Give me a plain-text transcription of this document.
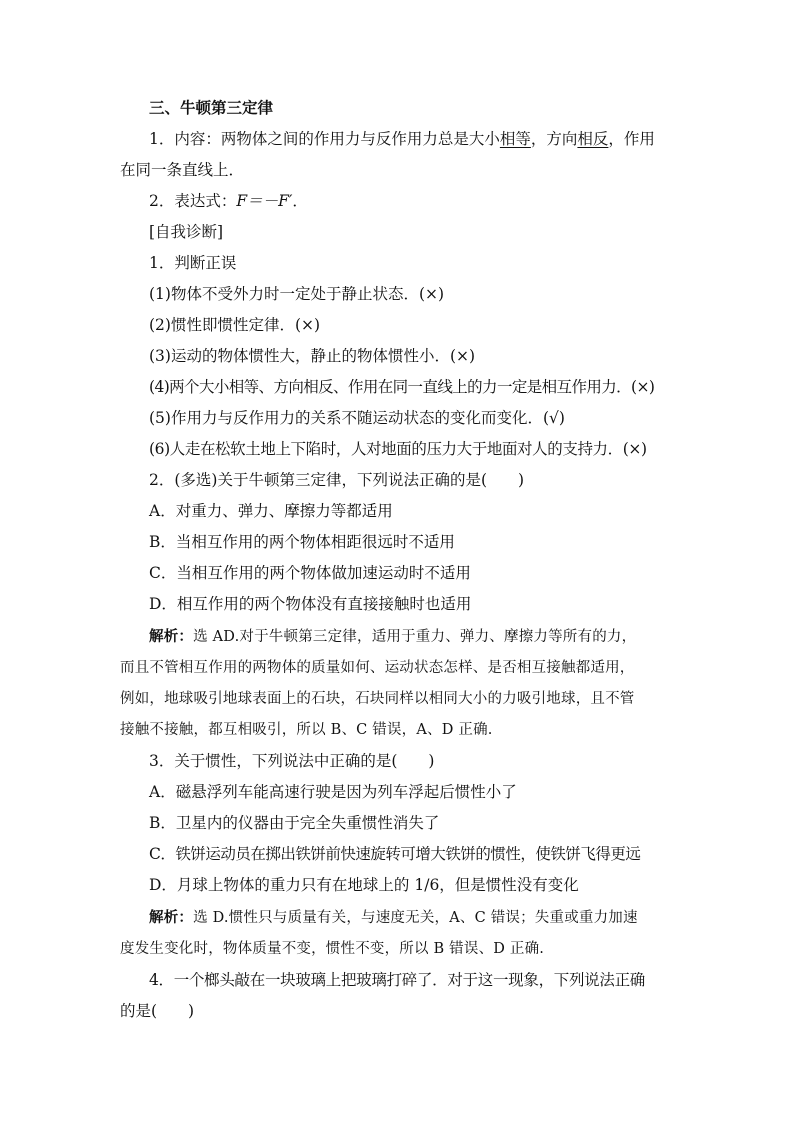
三、牛顿第三定律
1．内容：两物体之间的作用力与反作用力总是大小相等，方向相反，作用
在同一条直线上．
2．表达式：F＝－F′．
[自我诊断]
1．判断正误
(1)物体不受外力时一定处于静止状态．(×)
(2)惯性即惯性定律．(×)
(3)运动的物体惯性大，静止的物体惯性小．(×)
(4)两个大小相等、方向相反、作用在同一直线上的力一定是相互作用力．(×)
(5)作用力与反作用力的关系不随运动状态的变化而变化．(√)
(6)人走在松软土地上下陷时，人对地面的压力大于地面对人的支持力．(×)
2．(多选)关于牛顿第三定律，下列说法正确的是(　　)
A．对重力、弹力、摩擦力等都适用
B．当相互作用的两个物体相距很远时不适用
C．当相互作用的两个物体做加速运动时不适用
D．相互作用的两个物体没有直接接触时也适用
解析：选 AD.对于牛顿第三定律，适用于重力、弹力、摩擦力等所有的力，
而且不管相互作用的两物体的质量如何、运动状态怎样、是否相互接触都适用，
例如，地球吸引地球表面上的石块，石块同样以相同大小的力吸引地球，且不管
接触不接触，都互相吸引，所以 B、C 错误，A、D 正确.
3．关于惯性，下列说法中正确的是(　　)
A．磁悬浮列车能高速行驶是因为列车浮起后惯性小了
B．卫星内的仪器由于完全失重惯性消失了
C．铁饼运动员在掷出铁饼前快速旋转可增大铁饼的惯性，使铁饼飞得更远
D．月球上物体的重力只有在地球上的 1/6，但是惯性没有变化
解析：选 D.惯性只与质量有关，与速度无关，A、C 错误；失重或重力加速
度发生变化时，物体质量不变，惯性不变，所以 B 错误、D 正确.
4．一个榔头敲在一块玻璃上把玻璃打碎了．对于这一现象，下列说法正确
的是(　　)
